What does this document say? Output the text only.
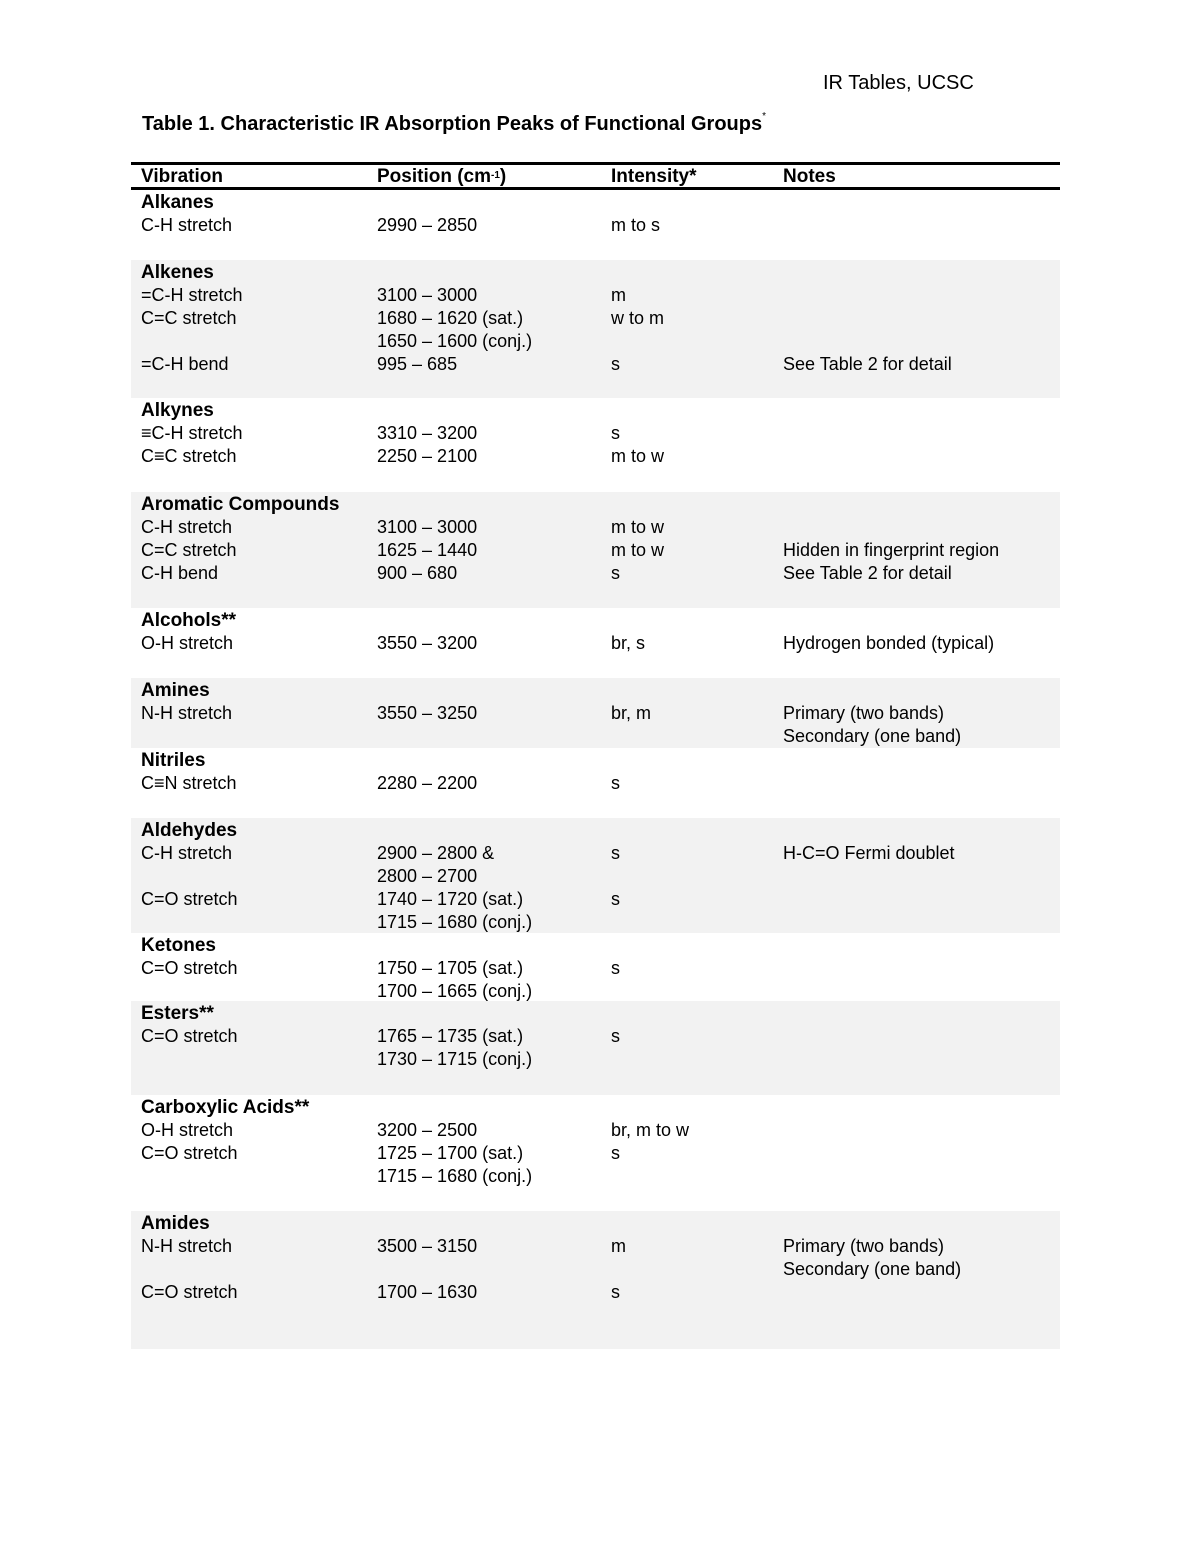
IR Tables, UCSC
Table 1. Characteristic IR Absorption Peaks of Functional Groups*
Vibration	Position $(cm^{-1})$	Intensity*	Notes
Alkanes
C-H stretch	2990 – 2850	m to s
Alkenes
=C-H stretch	3100 – 3000	m
C=C stretch	1680 – 1620 (sat.)	w to m
1650 – 1600 (conj.)
=C-H bend	995 – 685	s	See Table 2 for detail
Alkynes
≡C-H stretch	3310 – 3200	s
C≡C stretch	2250 – 2100	m to w
Aromatic Compounds
C-H stretch	3100 – 3000	m to w
C=C stretch	1625 – 1440	m to w	Hidden in fingerprint region
C-H bend	900 – 680	s	See Table 2 for detail
Alcohols**
O-H stretch	3550 – 3200	br, s	Hydrogen bonded (typical)
Amines
N-H stretch	3550 – 3250	br, m	Primary (two bands)
Secondary (one band)
Nitriles
C≡N stretch	2280 – 2200	s
Aldehydes
C-H stretch	2900 – 2800 &	s	H-C=O Fermi doublet
2800 – 2700
C=O stretch	1740 – 1720 (sat.)	s
1715 – 1680 (conj.)
Ketones
C=O stretch	1750 – 1705 (sat.)	s
1700 – 1665 (conj.)
Esters**
C=O stretch	1765 – 1735 (sat.)	s
1730 – 1715 (conj.)
Carboxylic Acids**
O-H stretch	3200 – 2500	br, m to w
C=O stretch	1725 – 1700 (sat.)	s
1715 – 1680 (conj.)
Amides
N-H stretch	3500 – 3150	m	Primary (two bands)
Secondary (one band)
C=O stretch	1700 – 1630	s
